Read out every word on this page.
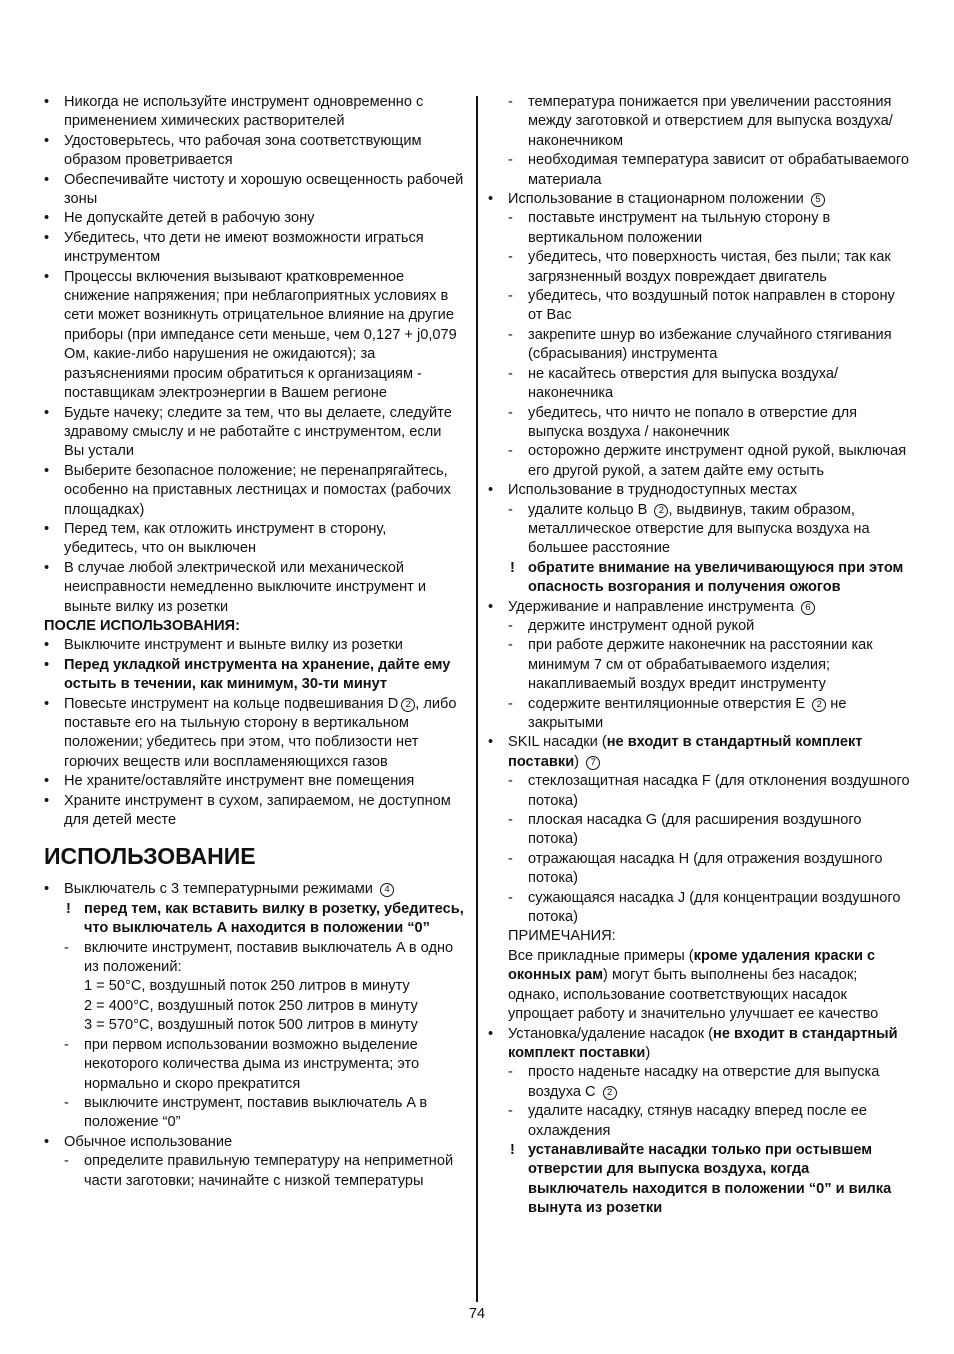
• Никогда не используйте инструмент одновременно с применением химических растворителей
• Удостоверьтесь, что рабочая зона соответствующим образом проветривается
• Обеспечивайте чистоту и хорошую освещенность рабочей зоны
• Не допускайте детей в рабочую зону
• Убедитесь, что дети не имеют возможности играться инструментом
• Процессы включения вызывают кратковременное снижение напряжения; при неблагоприятных условиях в сети может возникнуть отрицательное влияние на другие приборы (при импедансе сети меньше, чем 0,127 + j0,079 Ом, какие-либо нарушения не ожидаются); за разъяснениями просим обратиться к организациям - поставщикам электроэнергии в Вашем регионе
• Будьте начеку; следите за тем, что вы делаете, следуйте здравому смыслу и не работайте с инструментом, если Вы устали
• Выберите безопасное положение; не перенапрягайтесь, особенно на приставных лестницах и помостах (рабочих площадках)
• Перед тем, как отложить инструмент в сторону, убедитесь, что он выключен
• В случае любой электрической или механической неисправности немедленно выключите инструмент и выньте вилку из розетки
ПОСЛЕ ИСПОЛЬЗОВАНИЯ:
• Выключите инструмент и выньте вилку из розетки
• Перед укладкой инструмента на хранение, дайте ему остыть в течении, как минимум, 30-ти минут
• Повесьте инструмент на кольце подвешивания D 2 , либо поставьте его на тыльную сторону в вертикальном положении; убедитесь при этом, что поблизости нет горючих веществ или воспламеняющихся газов
• Не храните/оставляйте инструмент вне помещения
• Храните инструмент в сухом, запираемом, не доступном для детей месте
ИСПОЛЬЗОВАНИЕ
• Выключатель с 3 температурными режимами 4
! перед тем, как вставить вилку в розетку, убедитесь, что выключатель A находится в положении “0”
- включите инструмент, поставив выключатель A в одно из положений:
1 = 50°C, воздушный поток 250 литров в минуту
2 = 400°C, воздушный поток 250 литров в минуту
3 = 570°C, воздушный поток 500 литров в минуту
- при первом использовании возможно выделение некоторого количества дыма из инструмента; это нормально и скоро прекратится
- выключите инструмент, поставив выключатель A в положение “0”
• Обычное использование
- определите правильную температуру на неприметной части заготовки; начинайте с низкой температуры
- температура понижается при увеличении расстояния между заготовкой и отверстием для выпуска воздуха/наконечником
- необходимая температура зависит от обрабатываемого материала
• Использование в стационарном положении 5
- поставьте инструмент на тыльную сторону в вертикальном положении
- убедитесь, что поверхность чистая, без пыли; так как загрязненный воздух повреждает двигатель
- убедитесь, что воздушный поток направлен в сторону от Вас
- закрепите шнур во избежание случайного стягивания (сбрасывания) инструмента
- не касайтесь отверстия для выпуска воздуха/ наконечника
- убедитесь, что ничто не попало в отверстие для выпуска воздуха / наконечник
- осторожно держите инструмент одной рукой, выключая его другой рукой, а затем дайте ему остыть
• Использование в труднодоступных местах
- удалите кольцо B 2 , выдвинув, таким образом, металлическое отверстие для выпуска воздуха на большее расстояние
! обратите внимание на увеличивающуюся при этом опасность возгорания и получения ожогов
• Удерживание и направление инструмента 6
- держите инструмент одной рукой
- при работе держите наконечник на расстоянии как минимум 7 см от обрабатываемого изделия; накапливаемый воздух вредит инструменту
- содержите вентиляционные отверстия E 2 не закрытыми
• SKIL насадки (не входит в стандартный комплект поставки) 7
- стеклозащитная насадка F (для отклонения воздушного потока)
- плоская насадка G (для расширения воздушного потока)
- отражающая насадка H (для отражения воздушного потока)
- сужающаяся насадка J (для концентрации воздушного потока)
ПРИМЕЧАНИЯ:
Все прикладные примеры (кроме удаления краски с оконных рам) могут быть выполнены без насадок; однако, использование соответствующих насадок упрощает работу и значительно улучшает ее качество
• Установка/удаление насадок (не входит в стандартный комплект поставки)
- просто наденьте насадку на отверстие для выпуска воздуха C 2
- удалите насадку, стянув насадку вперед после ее охлаждения
! устанавливайте насадки только при остывшем отверстии для выпуска воздуха, когда выключатель находится в положении “0” и вилка вынута из розетки
74
